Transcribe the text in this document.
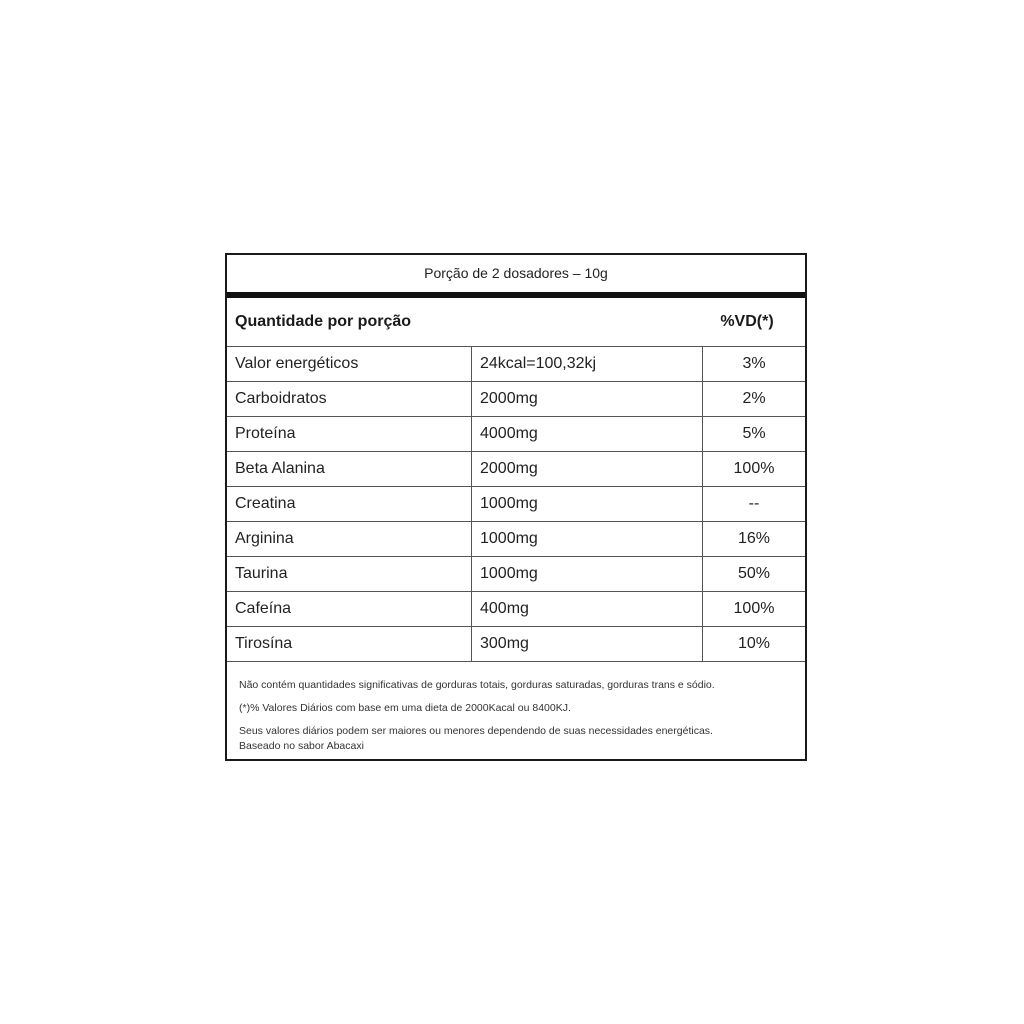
Porção de 2 dosadores – 10g
Quantidade por porção	%VD(*)
Valor energéticos	24kcal=100,32kj	3%
Carboidratos	2000mg	2%
Proteína	4000mg	5%
Beta Alanina	2000mg	100%
Creatina	1000mg	--
Arginina	1000mg	16%
Taurina	1000mg	50%
Cafeína	400mg	100%
Tirosína	300mg	10%

Não contém quantidades significativas de gorduras totais, gorduras saturadas, gorduras trans e sódio.

(*)% Valores Diários com base em uma dieta de 2000Kacal ou 8400KJ.

Seus valores diários podem ser maiores ou menores dependendo de suas necessidades energéticas.

Baseado no sabor Abacaxi
